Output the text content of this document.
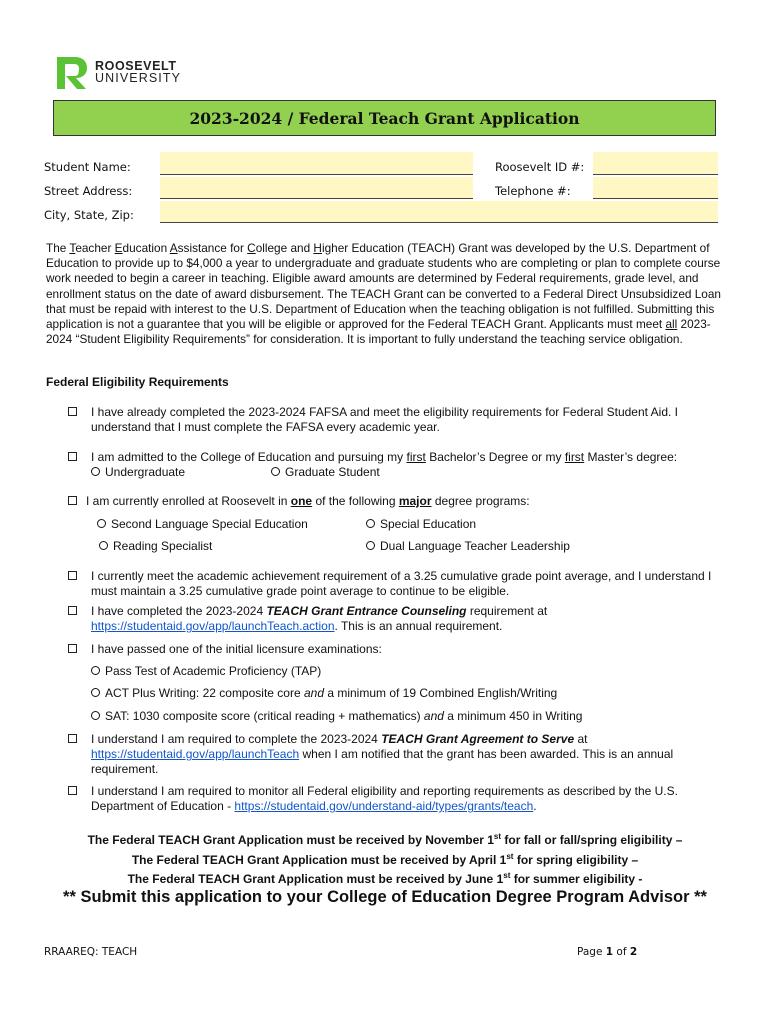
ROOSEVELT
UNIVERSITY
2023-2024 / Federal Teach Grant Application
Student Name:	Roosevelt ID #:
Street Address:	Telephone #:
City, State, Zip:
The Teacher Education Assistance for College and Higher Education (TEACH) Grant was developed by the U.S. Department of Education to provide up to $4,000 a year to undergraduate and graduate students who are completing or plan to complete course work needed to begin a career in teaching. Eligible award amounts are determined by Federal requirements, grade level, and enrollment status on the date of award disbursement. The TEACH Grant can be converted to a Federal Direct Unsubsidized Loan that must be repaid with interest to the U.S. Department of Education when the teaching obligation is not fulfilled. Submitting this application is not a guarantee that you will be eligible or approved for the Federal TEACH Grant. Applicants must meet all 2023-2024 “Student Eligibility Requirements” for consideration. It is important to fully understand the teaching service obligation.
Federal Eligibility Requirements
I have already completed the 2023-2024 FAFSA and meet the eligibility requirements for Federal Student Aid. I understand that I must complete the FAFSA every academic year.
I am admitted to the College of Education and pursuing my first Bachelor’s Degree or my first Master’s degree:
Undergraduate	Graduate Student
I am currently enrolled at Roosevelt in one of the following major degree programs:
Second Language Special Education	Special Education
Reading Specialist	Dual Language Teacher Leadership
I currently meet the academic achievement requirement of a 3.25 cumulative grade point average, and I understand I must maintain a 3.25 cumulative grade point average to continue to be eligible.
I have completed the 2023-2024 TEACH Grant Entrance Counseling requirement at
https://studentaid.gov/app/launchTeach.action. This is an annual requirement.
I have passed one of the initial licensure examinations:
Pass Test of Academic Proficiency (TAP)
ACT Plus Writing: 22 composite core and a minimum of 19 Combined English/Writing
SAT: 1030 composite score (critical reading + mathematics) and a minimum 450 in Writing
I understand I am required to complete the 2023-2024 TEACH Grant Agreement to Serve at
https://studentaid.gov/app/launchTeach when I am notified that the grant has been awarded. This is an annual requirement.
I understand I am required to monitor all Federal eligibility and reporting requirements as described by the U.S. Department of Education - https://studentaid.gov/understand-aid/types/grants/teach.
The Federal TEACH Grant Application must be received by November 1st for fall or fall/spring eligibility –
The Federal TEACH Grant Application must be received by April 1st for spring eligibility –
The Federal TEACH Grant Application must be received by June 1st for summer eligibility -
** Submit this application to your College of Education Degree Program Advisor **
RRAAREQ: TEACH	Page 1 of 2
